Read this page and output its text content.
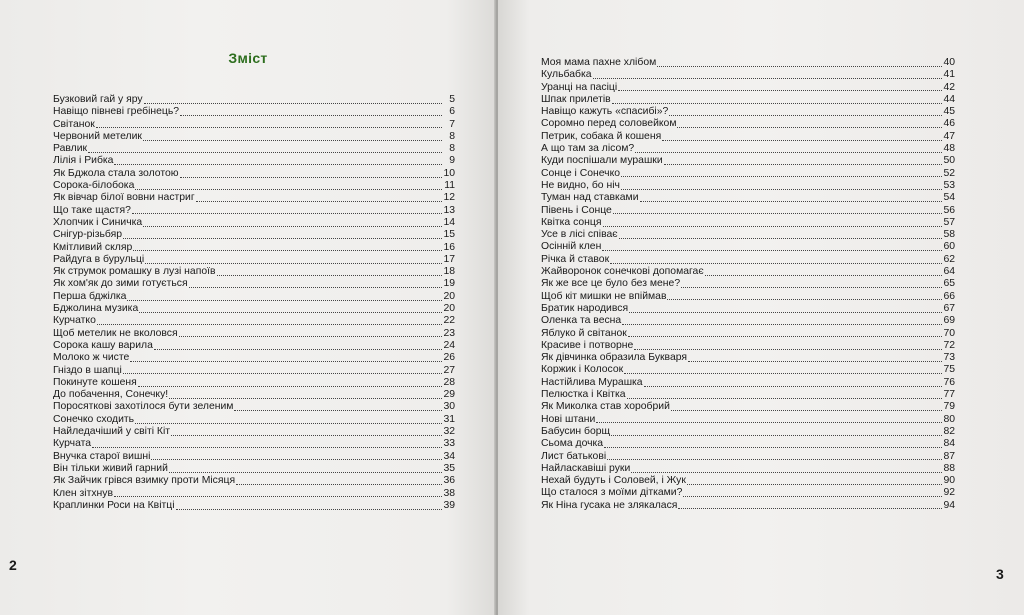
Зміст
Бузковий гай у яру	5
Навіщо півневі гребінець?	6
Світанок	7
Червоний метелик	8
Равлик	8
Лілія і Рибка	9
Як Бджола стала золотою	10
Сорока-білобока	11
Як вівчар білої вовни настриг	12
Що таке щастя?	13
Хлопчик і Синичка	14
Снігур-різьбяр	15
Кмітливий скляр	16
Райдуга в бурульці	17
Як струмок ромашку в лузі напоїв	18
Як хом'як до зими готується	19
Перша бджілка	20
Бджолина музика	20
Курчатко	22
Щоб метелик не вколовся	23
Сорока кашу варила	24
Молоко ж чисте	26
Гніздо в шапці	27
Покинуте кошеня	28
До побачення, Сонечку!	29
Поросяткові захотілося бути зеленим	30
Сонечко сходить	31
Найледачіший у світі Кіт	32
Курчата	33
Внучка старої вишні	34
Він тільки живий гарний	35
Як Зайчик грівся взимку проти Місяця	36
Клен зітхнув	38
Краплинки Роси на Квітці	39
2
3
Моя мама пахне хлібом	40
Кульбабка	41
Уранці на пасіці	42
Шпак прилетів	44
Навіщо кажуть «спасибі»?	45
Соромно перед соловейком	46
Петрик, собака й кошеня	47
А що там за лісом?	48
Куди поспішали мурашки	50
Сонце і Сонечко	52
Не видно, бо ніч	53
Туман над ставками	54
Півень і Сонце	56
Квітка сонця	57
Усе в лісі співає	58
Осінній клен	60
Річка й ставок	62
Жайворонок сонечкові допомагає	64
Як же все це було без мене?	65
Щоб кіт мишки не впіймав	66
Братик народився	67
Оленка та весна	69
Яблуко й світанок	70
Красиве і потворне	72
Як дівчинка образила Букваря	73
Коржик і Колосок	75
Настійлива Мурашка	76
Пелюстка і Квітка	77
Як Миколка став хоробрий	79
Нові штани	80
Бабусин борщ	82
Сьома дочка	84
Лист батькові	87
Найласкавіші руки	88
Нехай будуть і Соловей, і Жук	90
Що сталося з моїми дітками?	92
Як Ніна гусака не злякалася	94
